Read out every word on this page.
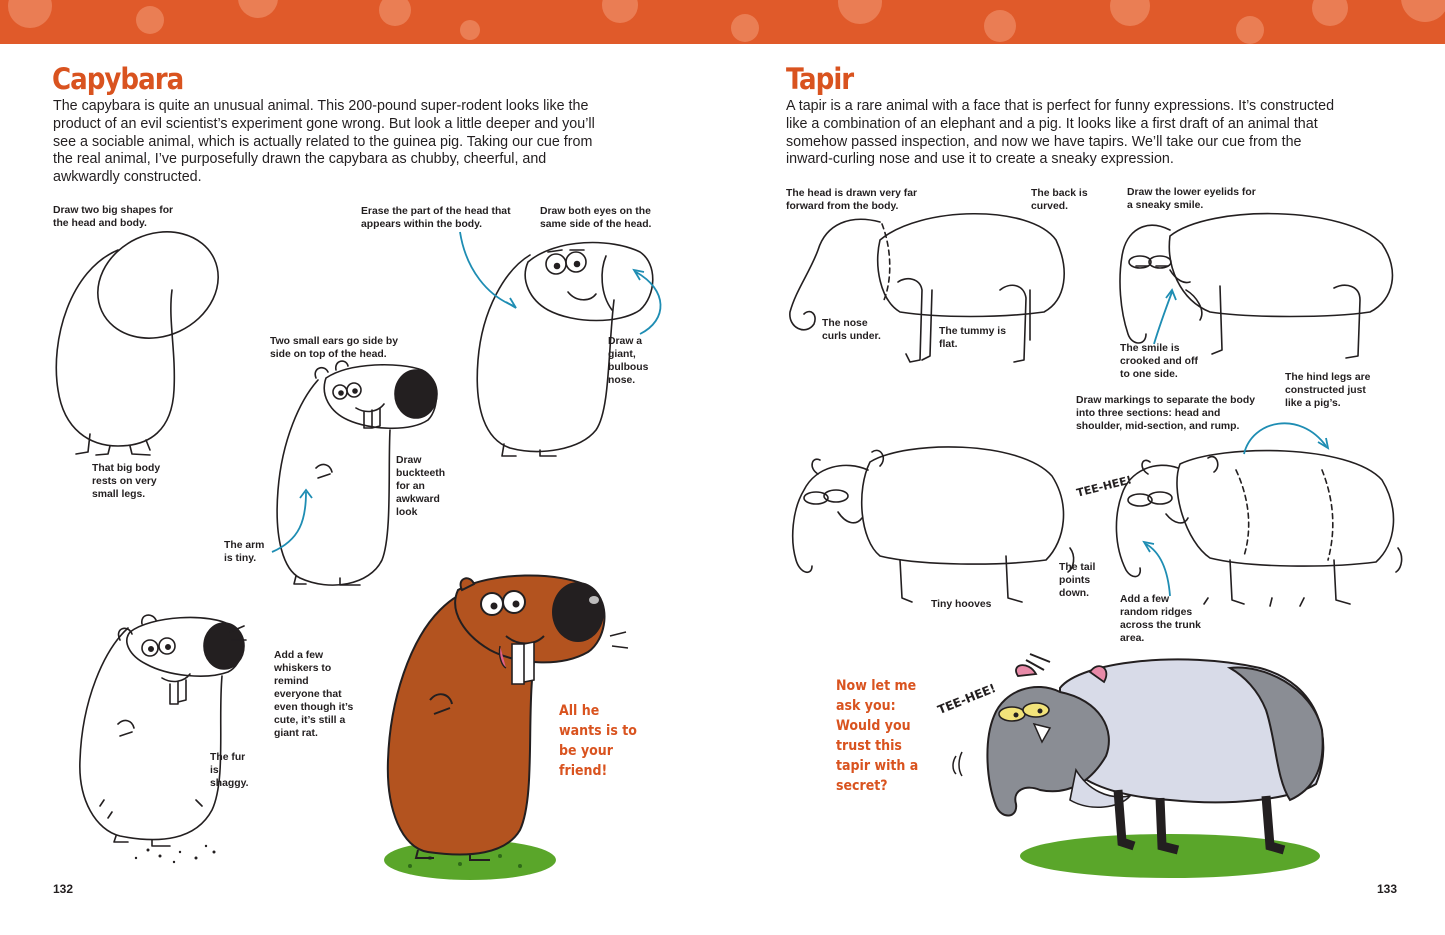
Capybara

The capybara is quite an unusual animal. This 200-pound super-rodent looks like the product of an evil scientist’s experiment gone wrong. But look a little deeper and you’ll see a sociable animal, which is actually related to the guinea pig. Taking our cue from the real animal, I’ve purposefully drawn the capybara as chubby, cheerful, and awkwardly constructed.

Draw two big shapes for the head and body.

That big body rests on very small legs.

Two small ears go side by side on top of the head.

Draw buckteeth for an awkward look

The arm is tiny.

Erase the part of the head that appears within the body.

Draw both eyes on the same side of the head.

Draw a giant, bulbous nose.

Add a few whiskers to remind everyone that even though it’s cute, it’s still a giant rat.

The fur is shaggy.

All he wants is to be your friend!

132
Tapir

A tapir is a rare animal with a face that is perfect for funny expressions. It’s constructed like a combination of an elephant and a pig. It looks like a first draft of an animal that somehow passed inspection, and now we have tapirs. We’ll take our cue from the inward-curling nose and use it to create a sneaky expression.

The head is drawn very far forward from the body.

The back is curved.

The nose curls under.	The tummy is flat.

Draw the lower eyelids for a sneaky smile.

The smile is crooked and off to one side.

Draw markings to separate the body into three sections: head and shoulder, mid-section, and rump.

The hind legs are constructed just like a pig’s.

The tail points down.

Tiny hooves	Add a few random ridges across the trunk area.

TEE-HEE!
TEE-HEE!

Now let me ask you: Would you trust this tapir with a secret?

133
